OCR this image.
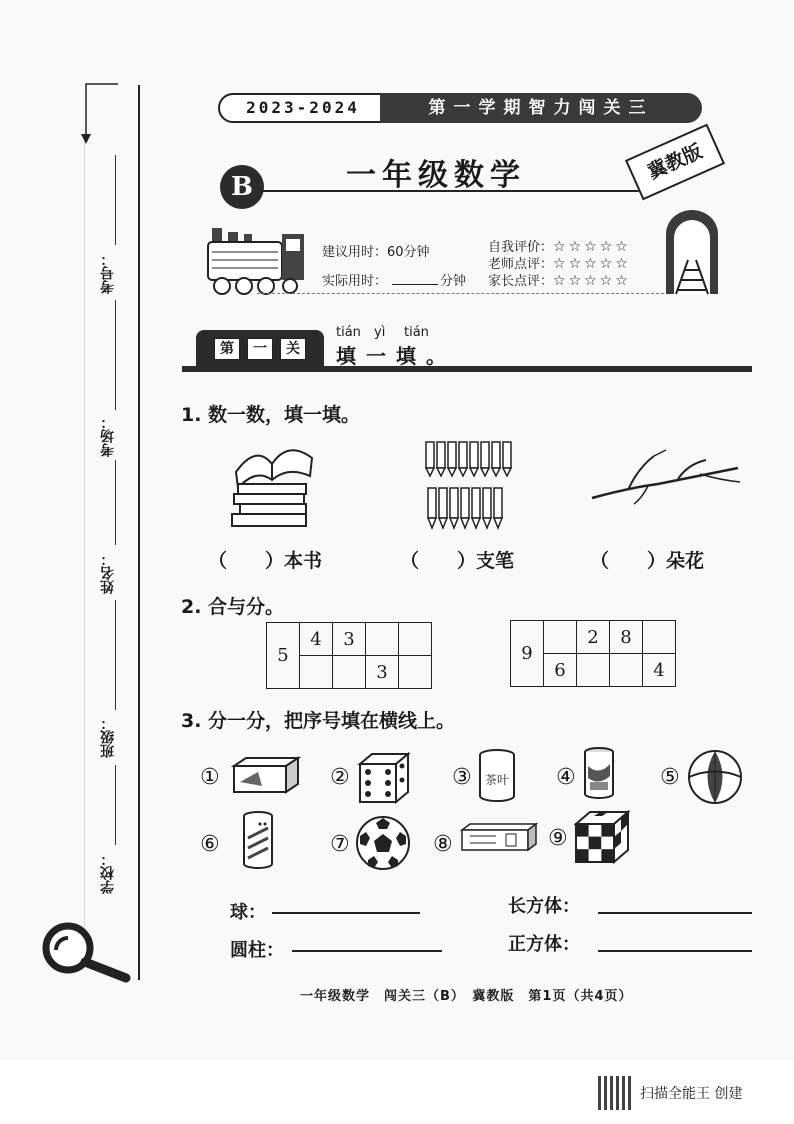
考号：
考场：
姓名：
班级：
学校：
2023-2024	第一学期智力闯关三
B	一年级数学	冀教版
建议用时：60分钟
实际用时：	分钟
自我评价：☆☆☆☆☆
老师点评：☆☆☆☆☆
家长点评：☆☆☆☆☆
第	一	关
tián yì tián
填一填。
1. 数一数，填一填。
（　　）本书	（　　）支笔	（　　）朵花
2. 合与分。
5	4	3		
			3	
9		2	8	
	6			4
3. 分一分，把序号填在横线上。
①	②	③ 茶叶 ④	⑤
⑥	⑦	⑧	⑨
球：	长方体：
圆柱：	正方体：
一年级数学　闯关三（B）　冀教版　第1页（共4页）
扫描全能王 创建
